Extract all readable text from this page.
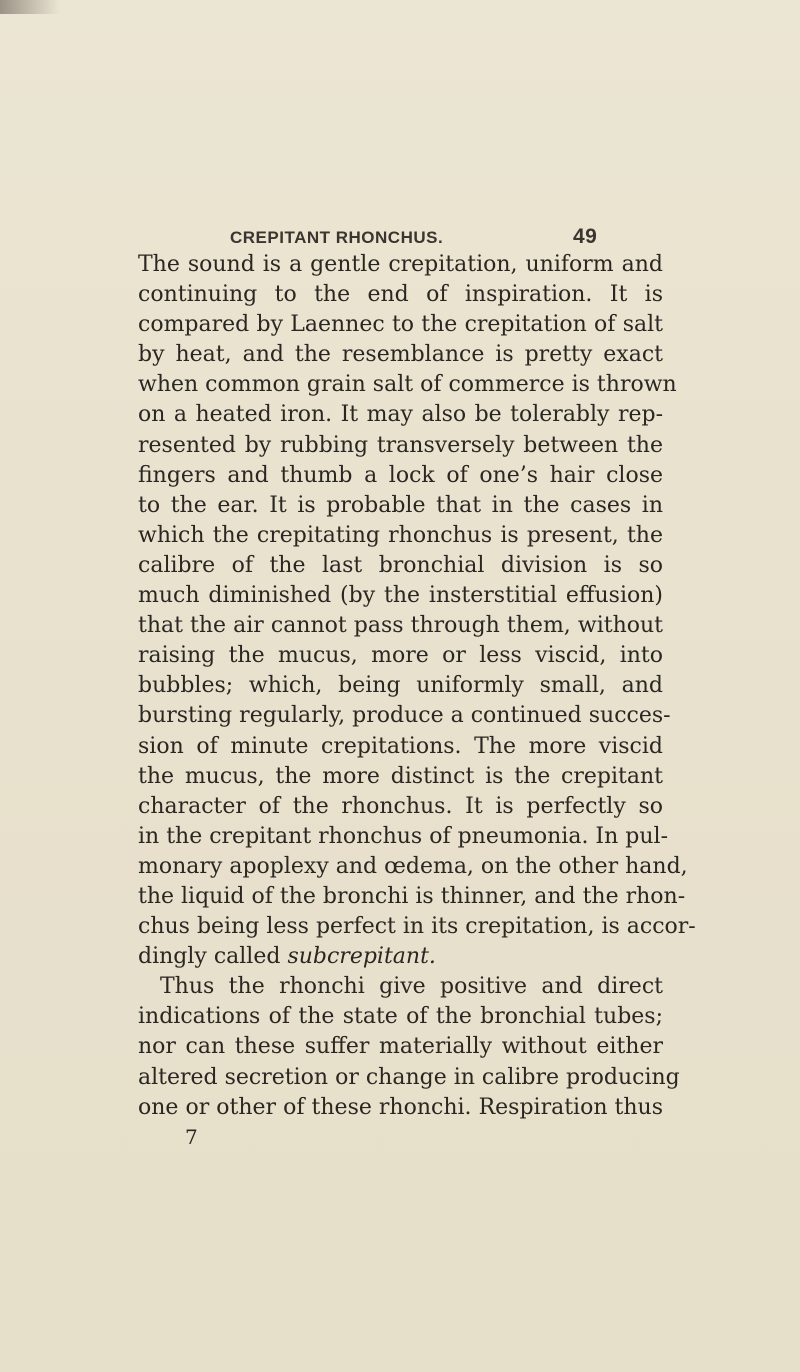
CREPITANT RHONCHUS.	49
The sound is a gentle crepitation, uniform and
continuing to the end of inspiration. It is
compared by Laennec to the crepitation of salt
by heat, and the resemblance is pretty exact
when common grain salt of commerce is thrown
on a heated iron. It may also be tolerably rep-
resented by rubbing transversely between the
fingers and thumb a lock of one’s hair close
to the ear. It is probable that in the cases in
which the crepitating rhonchus is present, the
calibre of the last bronchial division is so
much diminished (by the insterstitial effusion)
that the air cannot pass through them, without
raising the mucus, more or less viscid, into
bubbles; which, being uniformly small, and
bursting regularly, produce a continued succes-
sion of minute crepitations. The more viscid
the mucus, the more distinct is the crepitant
character of the rhonchus. It is perfectly so
in the crepitant rhonchus of pneumonia. In pul-
monary apoplexy and œdema, on the other hand,
the liquid of the bronchi is thinner, and the rhon-
chus being less perfect in its crepitation, is accor-
dingly called subcrepitant.
Thus the rhonchi give positive and direct
indications of the state of the bronchial tubes;
nor can these suffer materially without either
altered secretion or change in calibre producing
one or other of these rhonchi. Respiration thus
7
